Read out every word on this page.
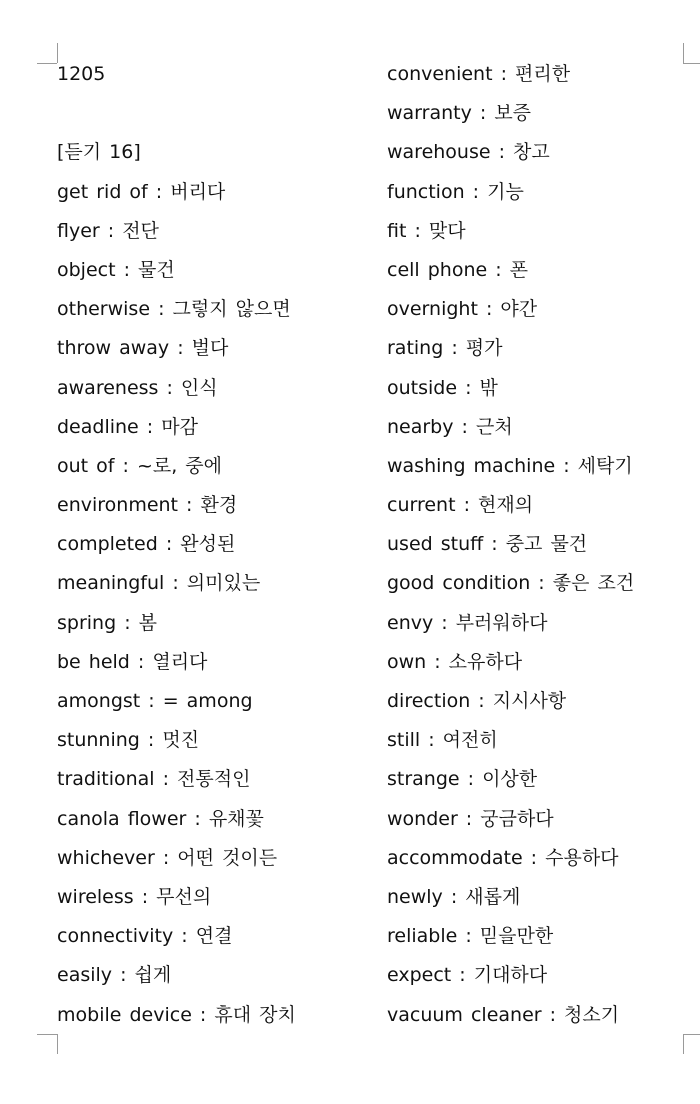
1205
[듣기 16]
get rid of : 버리다
flyer : 전단
object : 물건
otherwise : 그렇지 않으면
throw away : 벌다
awareness : 인식
deadline : 마감
out of : ~로, 중에
environment : 환경
completed : 완성된
meaningful : 의미있는
spring : 봄
be held : 열리다
amongst : = among
stunning : 멋진
traditional : 전통적인
canola flower : 유채꽃
whichever : 어떤 것이든
wireless : 무선의
connectivity : 연결
easily : 쉽게
mobile device : 휴대 장치
convenient : 편리한
warranty : 보증
warehouse : 창고
function : 기능
fit : 맞다
cell phone : 폰
overnight : 야간
rating : 평가
outside : 밖
nearby : 근처
washing machine : 세탁기
current : 현재의
used stuff : 중고 물건
good condition : 좋은 조건
envy : 부러워하다
own : 소유하다
direction : 지시사항
still : 여전히
strange : 이상한
wonder : 궁금하다
accommodate : 수용하다
newly : 새롭게
reliable : 믿을만한
expect : 기대하다
vacuum cleaner : 청소기
